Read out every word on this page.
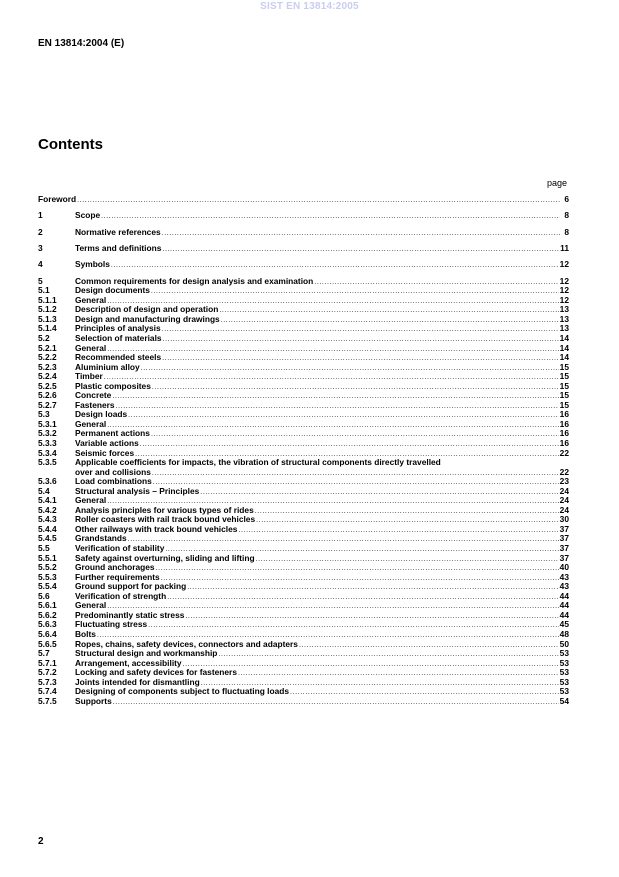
SIST EN 13814:2005
EN 13814:2004 (E)
Contents
page
Foreword .....	6
1	Scope .....	8
2	Normative references .....	8
3	Terms and definitions .....	11
4	Symbols .....	12
5	Common requirements for design analysis and examination .....	12
5.1	Design documents .....	12
5.1.1	General .....	12
5.1.2	Description of design and operation .....	13
5.1.3	Design and manufacturing drawings .....	13
5.1.4	Principles of analysis .....	13
5.2	Selection of materials .....	14
5.2.1	General .....	14
5.2.2	Recommended steels .....	14
5.2.3	Aluminium alloy .....	15
5.2.4	Timber .....	15
5.2.5	Plastic composites .....	15
5.2.6	Concrete .....	15
5.2.7	Fasteners .....	15
5.3	Design loads .....	16
5.3.1	General .....	16
5.3.2	Permanent actions .....	16
5.3.3	Variable actions .....	16
5.3.4	Seismic forces .....	22
5.3.5	Applicable coefficients for impacts, the vibration of structural components directly travelled
over and collisions .....	22
5.3.6	Load combinations .....	23
5.4	Structural analysis – Principles .....	24
5.4.1	General .....	24
5.4.2	Analysis principles for various types of rides .....	24
5.4.3	Roller coasters with rail track bound vehicles .....	30
5.4.4	Other railways with track bound vehicles .....	37
5.4.5	Grandstands .....	37
5.5	Verification of stability .....	37
5.5.1	Safety against overturning, sliding and lifting .....	37
5.5.2	Ground anchorages .....	40
5.5.3	Further requirements .....	43
5.5.4	Ground support for packing .....	43
5.6	Verification of strength .....	44
5.6.1	General .....	44
5.6.2	Predominantly static stress .....	44
5.6.3	Fluctuating stress .....	45
5.6.4	Bolts .....	48
5.6.5	Ropes, chains, safety devices, connectors and adapters .....	50
5.7	Structural design and workmanship .....	53
5.7.1	Arrangement, accessibility .....	53
5.7.2	Locking and safety devices for fasteners .....	53
5.7.3	Joints intended for dismantling .....	53
5.7.4	Designing of components subject to fluctuating loads .....	53
5.7.5	Supports .....	54
2
